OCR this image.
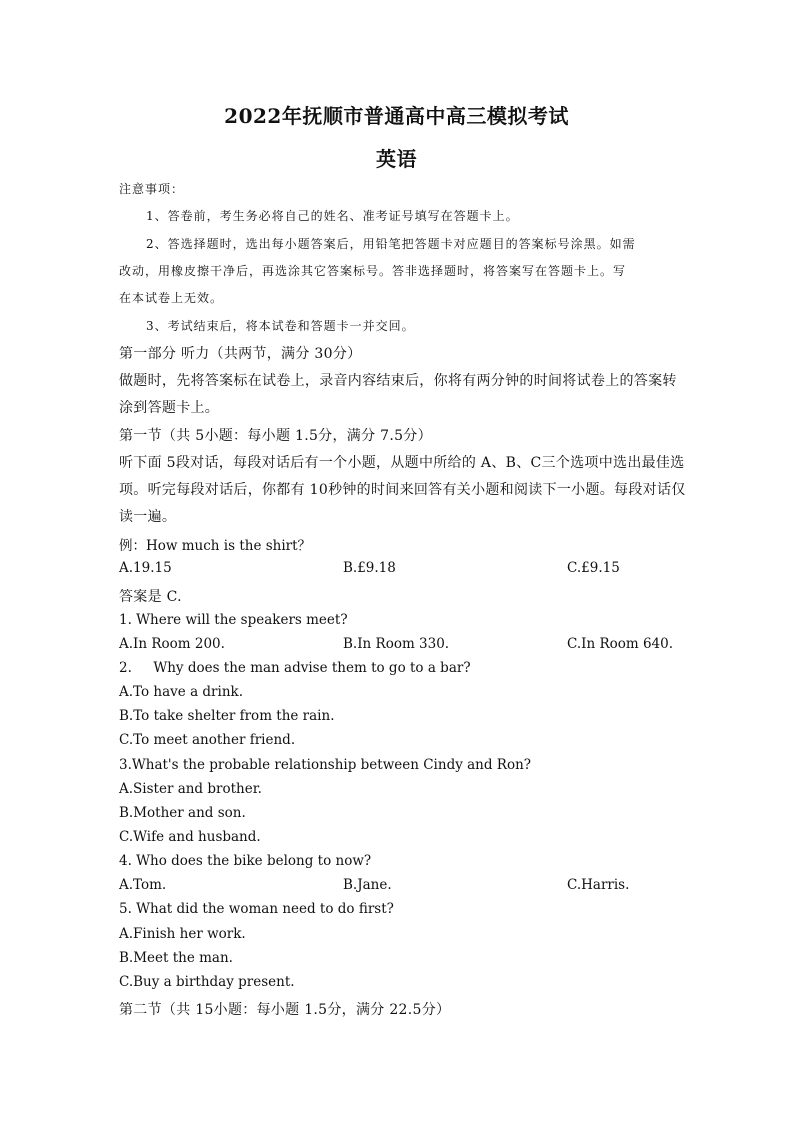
2022年抚顺市普通高中高三模拟考试
英语
注意事项：
1、答卷前，考生务必将自己的姓名、准考证号填写在答题卡上。
2、答选择题时，选出每小题答案后，用铅笔把答题卡对应题目的答案标号涂黑。如需
改动，用橡皮擦干净后，再选涂其它答案标号。答非选择题时，将答案写在答题卡上。写
在本试卷上无效。
3、考试结束后，将本试卷和答题卡一并交回。
第一部分 听力（共两节，满分 30分）
做题时，先将答案标在试卷上，录音内容结束后，你将有两分钟的时间将试卷上的答案转
涂到答题卡上。
第一节（共 5小题：每小题 1.5分，满分 7.5分）
听下面 5段对话，每段对话后有一个小题，从题中所给的 A、B、C三个选项中选出最佳选
项。听完每段对话后，你都有 10秒钟的时间来回答有关小题和阅读下一小题。每段对话仅
读一遍。
例：How much is the shirt？
A.19.15	B.£9.18	C.£9.15
答案是 C.
1. Where will the speakers meet?
A.In Room 200.	B.In Room 330.	C.In Room 640.
2.     Why does the man advise them to go to a bar?
A.To have a drink.
B.To take shelter from the rain.
C.To meet another friend.
3.What's the probable relationship between Cindy and Ron?
A.Sister and brother.
B.Mother and son.
C.Wife and husband.
4. Who does the bike belong to now?
A.Tom.	B.Jane.	C.Harris.
5. What did the woman need to do first?
A.Finish her work.
B.Meet the man.
C.Buy a birthday present.
第二节（共 15小题：每小题 1.5分，满分 22.5分）
